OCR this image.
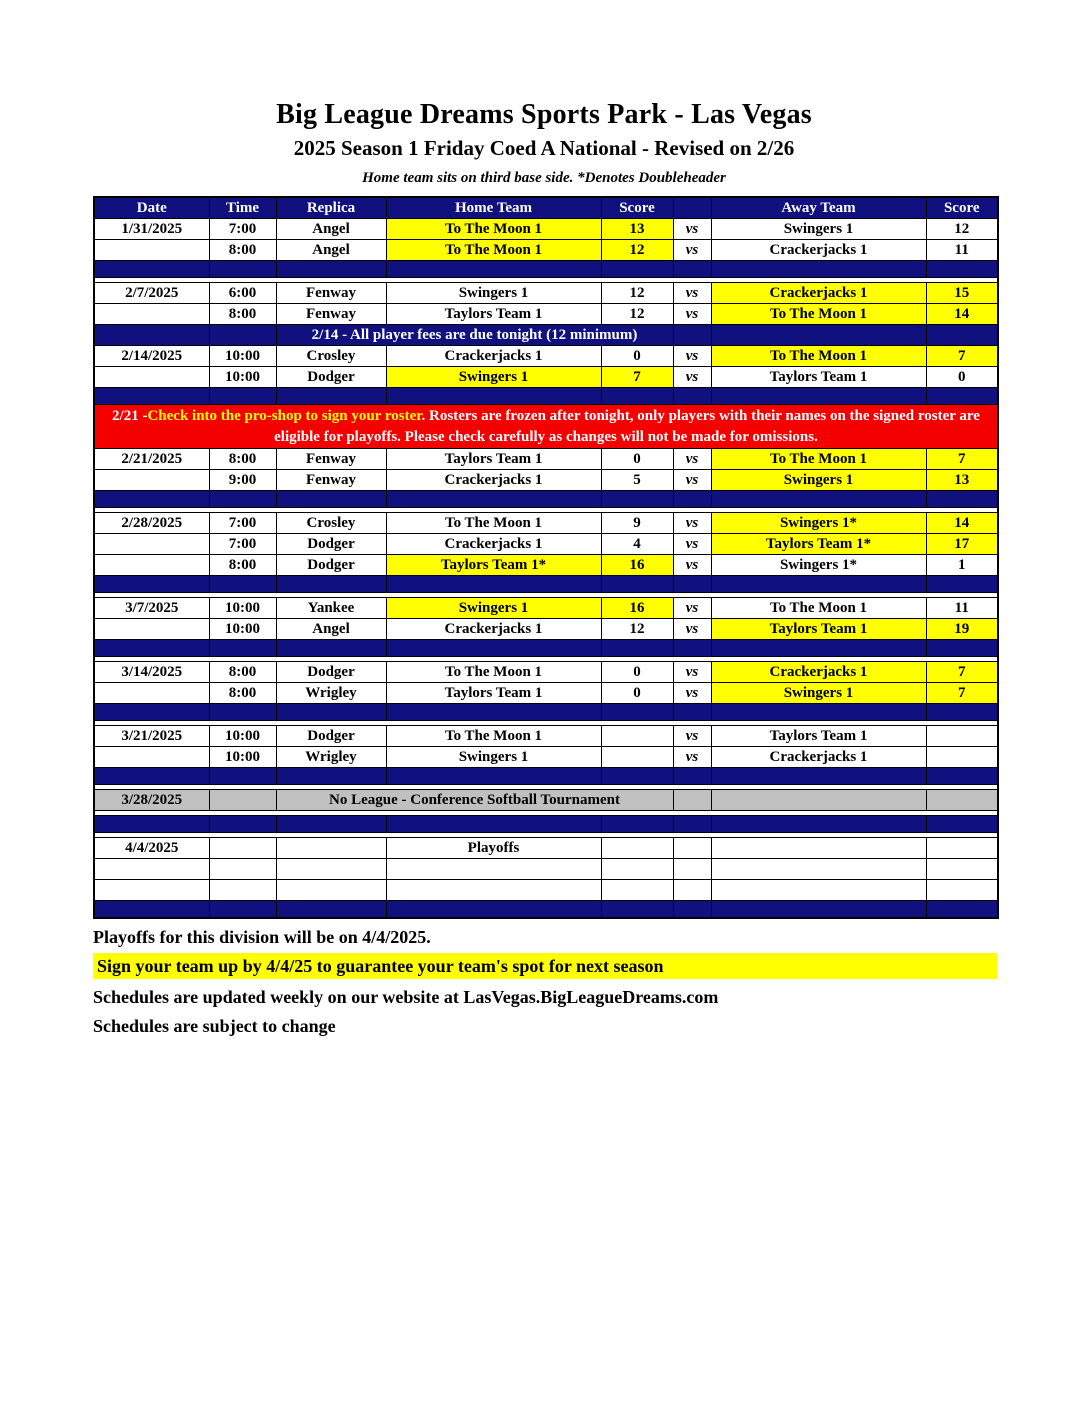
Big League Dreams Sports Park - Las Vegas
2025 Season 1 Friday Coed A National - Revised on 2/26
Home team sits on third base side. *Denotes Doubleheader
Date	Time	Replica	Home Team	Score		Away Team	Score
1/31/2025	7:00	Angel	To The Moon 1	13	vs	Swingers 1	12
	8:00	Angel	To The Moon 1	12	vs	Crackerjacks 1	11

2/7/2025	6:00	Fenway	Swingers 1	12	vs	Crackerjacks 1	15
	8:00	Fenway	Taylors Team 1	12	vs	To The Moon 1	14
		2/14 - All player fees are due tonight (12 minimum)					
2/14/2025	10:00	Crosley	Crackerjacks 1	0	vs	To The Moon 1	7
	10:00	Dodger	Swingers 1	7	vs	Taylors Team 1	0

2/21 -Check into the pro-shop to sign your roster. Rosters are frozen after tonight, only players with their names on the signed roster are eligible for playoffs. Please check carefully as changes will not be made for omissions.							
2/21/2025	8:00	Fenway	Taylors Team 1	0	vs	To The Moon 1	7
	9:00	Fenway	Crackerjacks 1	5	vs	Swingers 1	13

2/28/2025	7:00	Crosley	To The Moon 1	9	vs	Swingers 1*	14
	7:00	Dodger	Crackerjacks 1	4	vs	Taylors Team 1*	17
	8:00	Dodger	Taylors Team 1*	16	vs	Swingers 1*	1

3/7/2025	10:00	Yankee	Swingers 1	16	vs	To The Moon 1	11
	10:00	Angel	Crackerjacks 1	12	vs	Taylors Team 1	19

3/14/2025	8:00	Dodger	To The Moon 1	0	vs	Crackerjacks 1	7
	8:00	Wrigley	Taylors Team 1	0	vs	Swingers 1	7

3/21/2025	10:00	Dodger	To The Moon 1		vs	Taylors Team 1	
	10:00	Wrigley	Swingers 1		vs	Crackerjacks 1	

3/28/2025		No League - Conference Softball Tournament					

4/4/2025			Playoffs				

Playoffs for this division will be on 4/4/2025.
Sign your team up by 4/4/25 to guarantee your team's spot for next season
Schedules are updated weekly on our website at LasVegas.BigLeagueDreams.com
Schedules are subject to change
